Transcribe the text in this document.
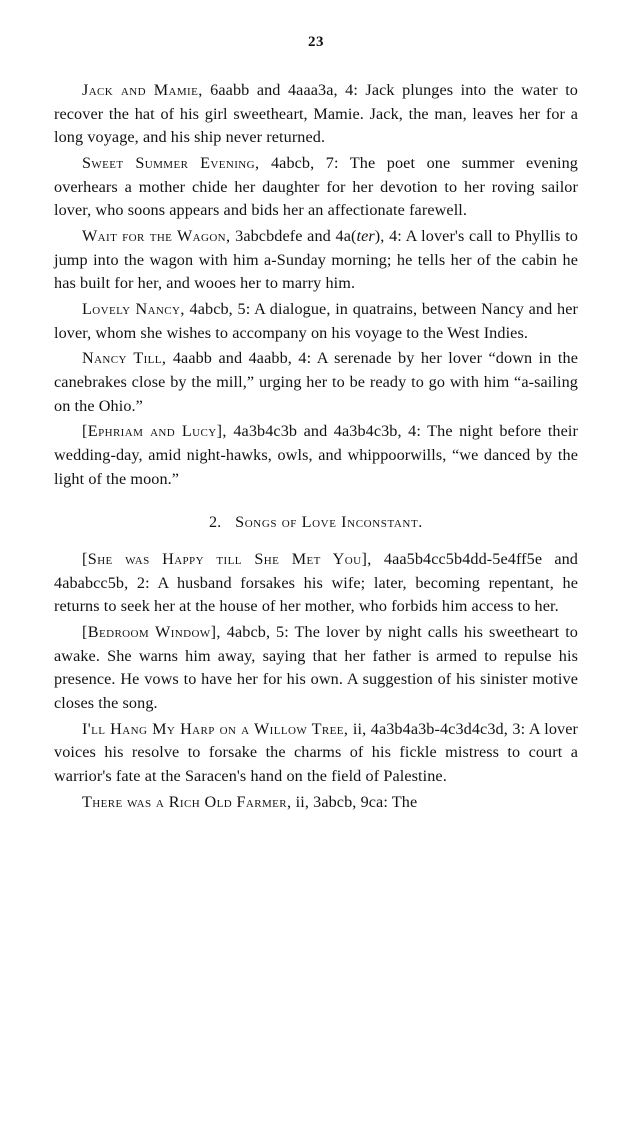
23

Jack and Mamie, 6aabb and 4aaa3a, 4: Jack plunges into the water to recover the hat of his girl sweetheart, Mamie. Jack, the man, leaves her for a long voyage, and his ship never returned.

Sweet Summer Evening, 4abcb, 7: The poet one summer evening overhears a mother chide her daughter for her devotion to her roving sailor lover, who soons appears and bids her an affectionate farewell.

Wait for the Wagon, 3abcbdefe and 4a(ter), 4: A lover's call to Phyllis to jump into the wagon with him a-Sunday morning; he tells her of the cabin he has built for her, and wooes her to marry him.

Lovely Nancy, 4abcb, 5: A dialogue, in quatrains, between Nancy and her lover, whom she wishes to accompany on his voyage to the West Indies.

Nancy Till, 4aabb and 4aabb, 4: A serenade by her lover “down in the canebrakes close by the mill,” urging her to be ready to go with him “a-sailing on the Ohio.”

[Ephriam and Lucy], 4a3b4c3b and 4a3b4c3b, 4: The night before their wedding-day, amid night-hawks, owls, and whippoorwills, “we danced by the light of the moon.”

2. Songs of Love Inconstant.

[She was Happy till She Met You], 4aa5b4cc5b4dd-5e4ff5e and 4ababcc5b, 2: A husband forsakes his wife; later, becoming repentant, he returns to seek her at the house of her mother, who forbids him access to her.

[Bedroom Window], 4abcb, 5: The lover by night calls his sweetheart to awake. She warns him away, saying that her father is armed to repulse his presence. He vows to have her for his own. A suggestion of his sinister motive closes the song.

I'll Hang My Harp on a Willow Tree, ii, 4a3b4a3b-4c3d4c3d, 3: A lover voices his resolve to forsake the charms of his fickle mistress to court a warrior's fate at the Saracen's hand on the field of Palestine.

There was a Rich Old Farmer, ii, 3abcb, 9ca: The
